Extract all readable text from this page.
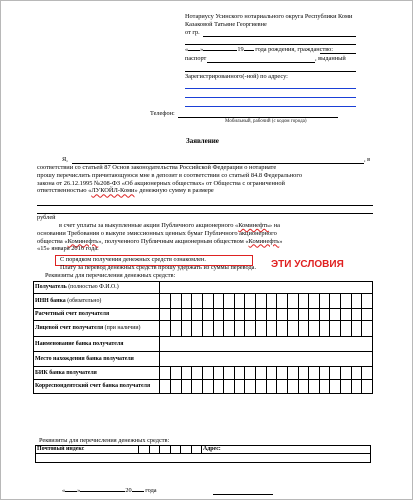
Нотариусу Усинского нотариального округа Республики Коми
Казаковой Татьяне Георгиевне
от гр.
« »	19 года рождения, гражданство:
паспорт	, выданный
Зарегистрированного(-ной) по адресу:
Телефон:
Мобильный, рабочий (с кодом города)
Заявление
Я,	, в
соответствии со статьей 87 Основ законодательства Российской Федерации о нотариате
прошу перечислить причитающуюся мне в депозит в соответствии со статьей 84.8 Федерального
закона от 26.12.1995 №208-ФЗ «Об акционерных обществах» от Общества с ограниченной
ответственностью «ЛУКОЙЛ-Коми» денежную сумму в размере
рублей
в счет уплаты за выкупленные акции Публичного акционерного «Коминефть» на
основании Требования о выкупе эмиссионных ценных бумаг Публичного акционерного
общества «Коминефть», полученного Публичным акционерным обществом «Коминефть»
«15» января 2016 года.
С порядком получения денежных средств ознакомлен.	ЭТИ УСЛОВИЯ
Плату за перевод денежных средств прошу удержать из суммы перевода.
Реквизиты для перечисления денежных средств:
Получатель (полностью Ф.И.О.)																				
ИНН банка (обязательно)																				
Расчетный счет получателя																				
Лицевой счет получателя (при наличии)																				
Наименование банка получателя																				
Место нахождения банка получателя																				
БИК банка получателя																				
Корреспондентский счет банка получателя																				
Реквизиты для перечисления денежных средств:
Почтовый индекс							Адрес:

« »	20 года
